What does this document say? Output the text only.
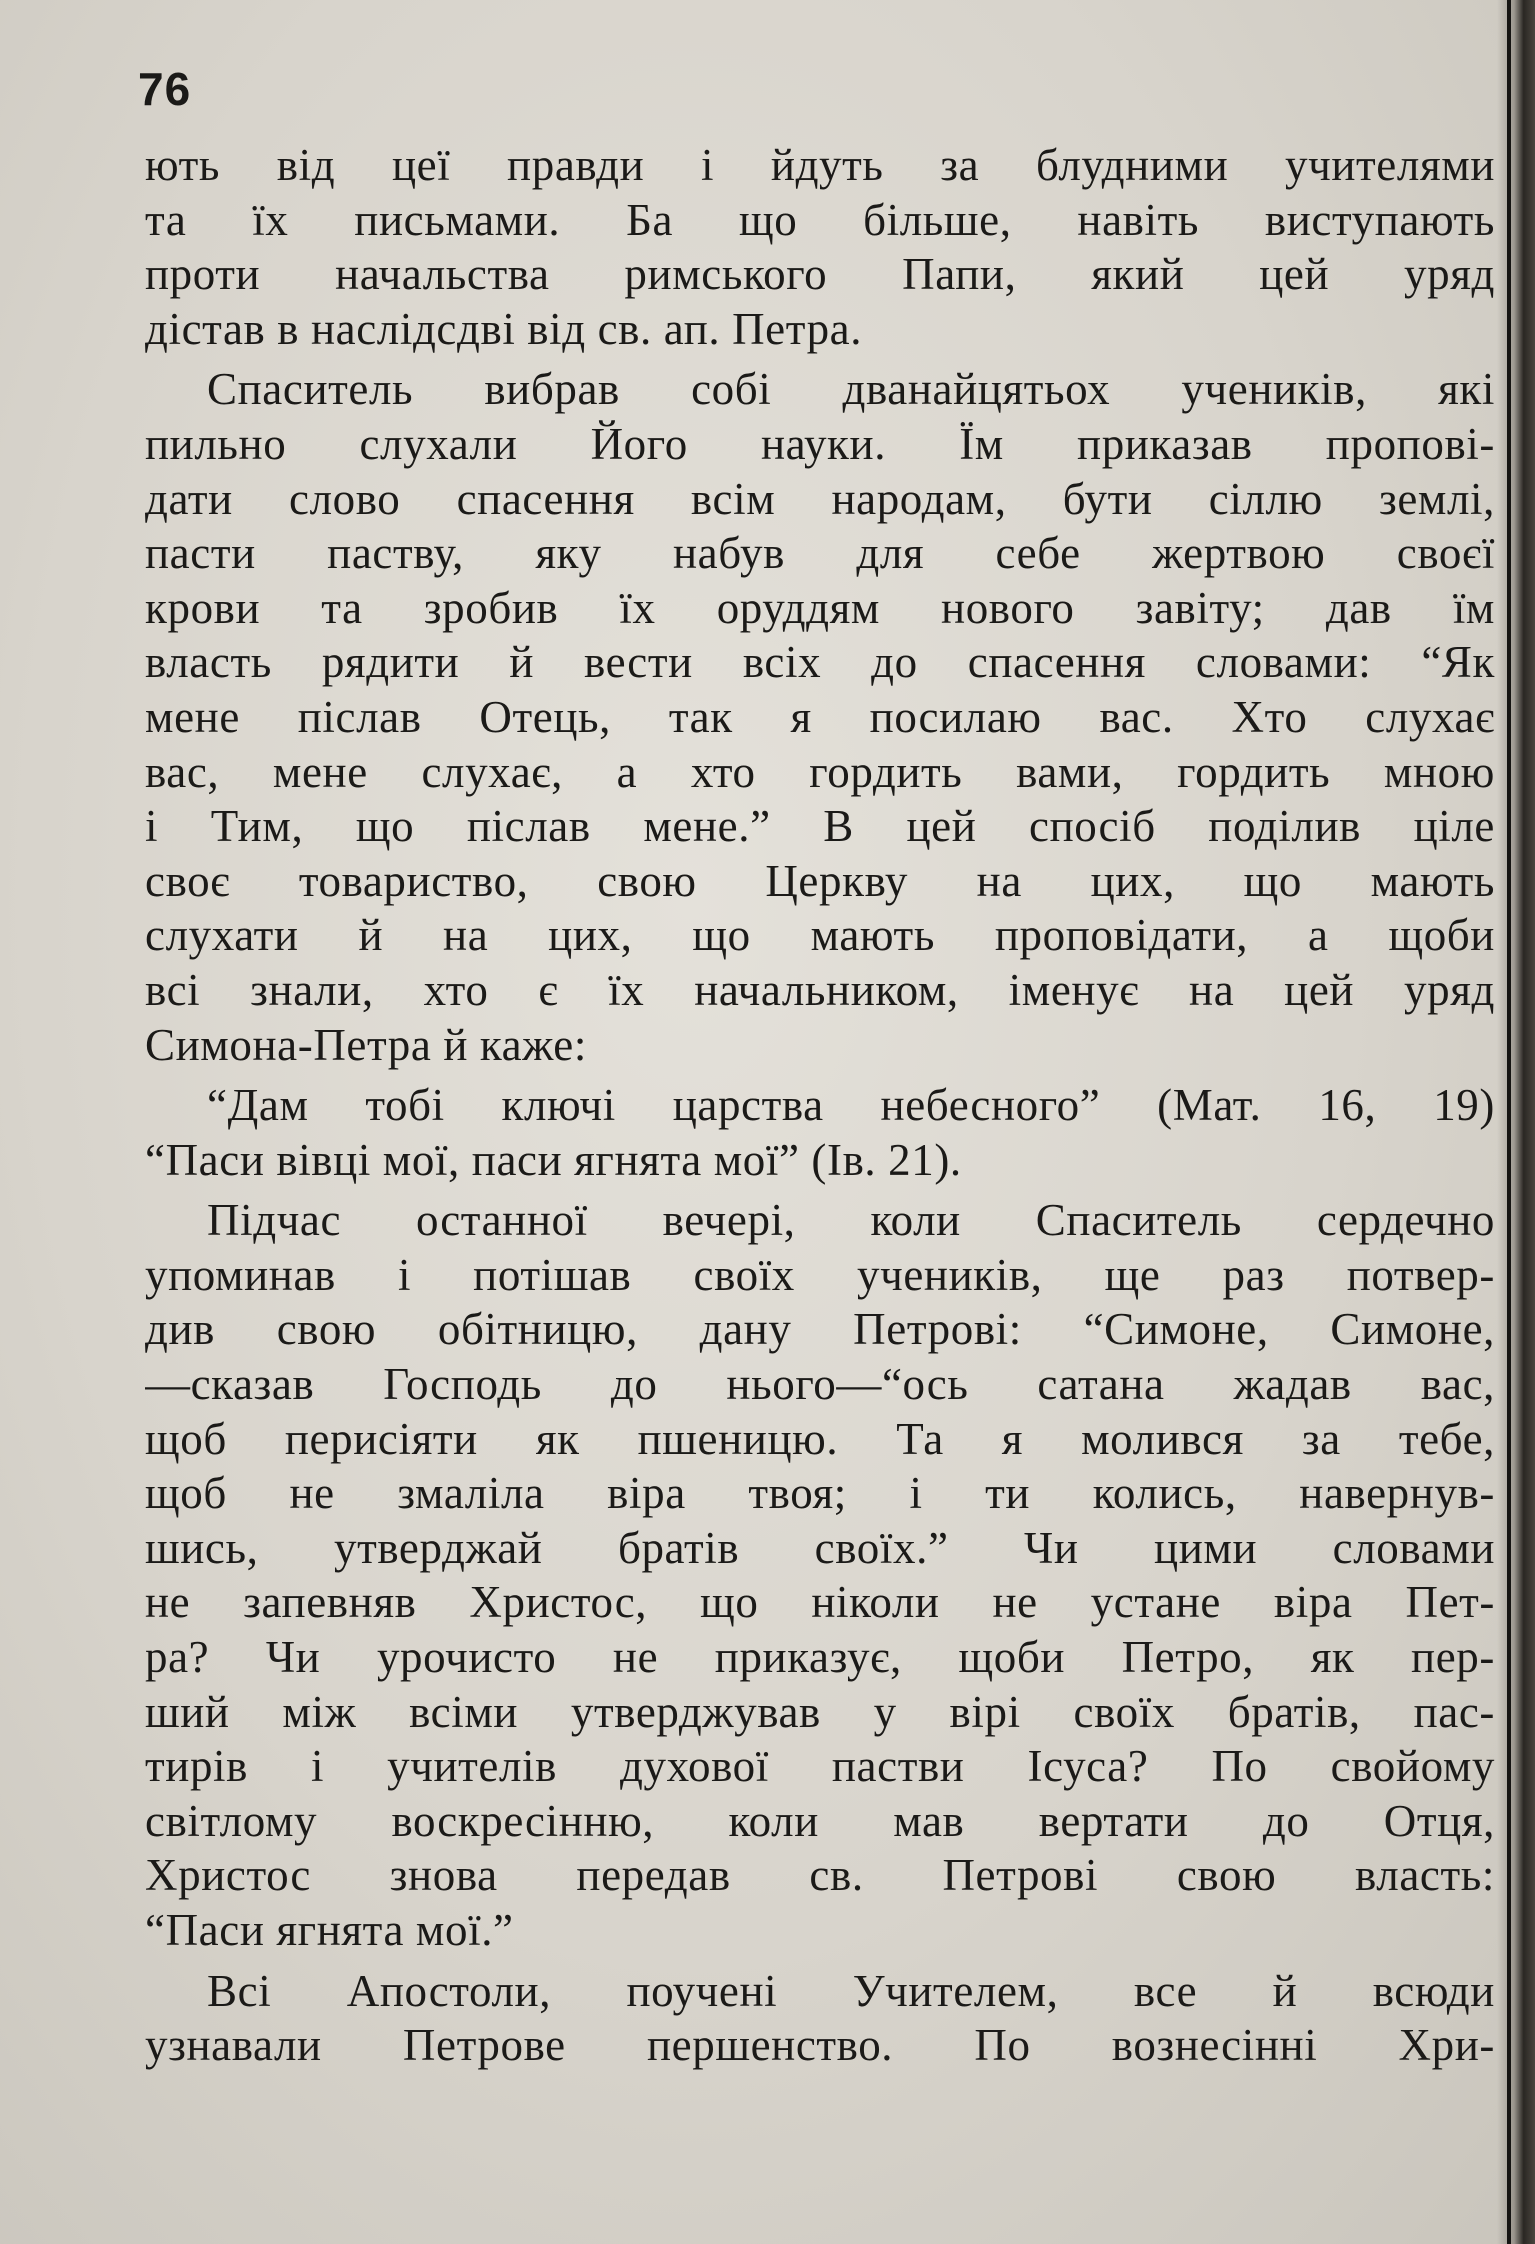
76
ють від цеї правди і йдуть за блудними учителями
та їх письмами. Ба що більше, навіть виступають
проти начальства римського Папи, який цей уряд
дістав в наслідсдві від св. ап. Петра.
Спаситель вибрав собі дванайцятьох учеників, які
пильно слухали Його науки. Їм приказав пропові-
дати слово спасення всім народам, бути сіллю землі,
пасти паству, яку набув для себе жертвою своєї
крови та зробив їх оруддям нового завіту; дав їм
власть рядити й вести всіх до спасення словами: “Як
мене післав Отець, так я посилаю вас. Хто слухає
вас, мене слухає, а хто гордить вами, гордить мною
і Тим, що післав мене.” В цей спосіб поділив ціле
своє товариство, свою Церкву на цих, що мають
слухати й на цих, що мають проповідати, а щоби
всі знали, хто є їх начальником, іменує на цей уряд
Симона-Петра й каже:
“Дам тобі ключі царства небесного” (Мат. 16, 19)
“Паси вівці мої, паси ягнята мої” (Ів. 21).
Підчас останної вечері, коли Спаситель сердечно
упоминав і потішав своїх учеників, ще раз потвер-
див свою обітницю, дану Петрові: “Симоне, Симоне,
—сказав Господь до нього—“ось сатана жадав вас,
щоб перисіяти як пшеницю. Та я молився за тебе,
щоб не змаліла віра твоя; і ти колись, навернув-
шись, утверджай братів своїх.” Чи цими словами
не запевняв Христос, що ніколи не устане віра Пет-
ра? Чи урочисто не приказує, щоби Петро, як пер-
ший між всіми утверджував у вірі своїх братів, пас-
тирів і учителів духової пастви Ісуса? По свойому
світлому воскресінню, коли мав вертати до Отця,
Христос знова передав св. Петрові свою власть:
“Паси ягнята мої.”
Всі Апостоли, поучені Учителем, все й всюди
узнавали Петрове першенство. По вознесінні Хри-
